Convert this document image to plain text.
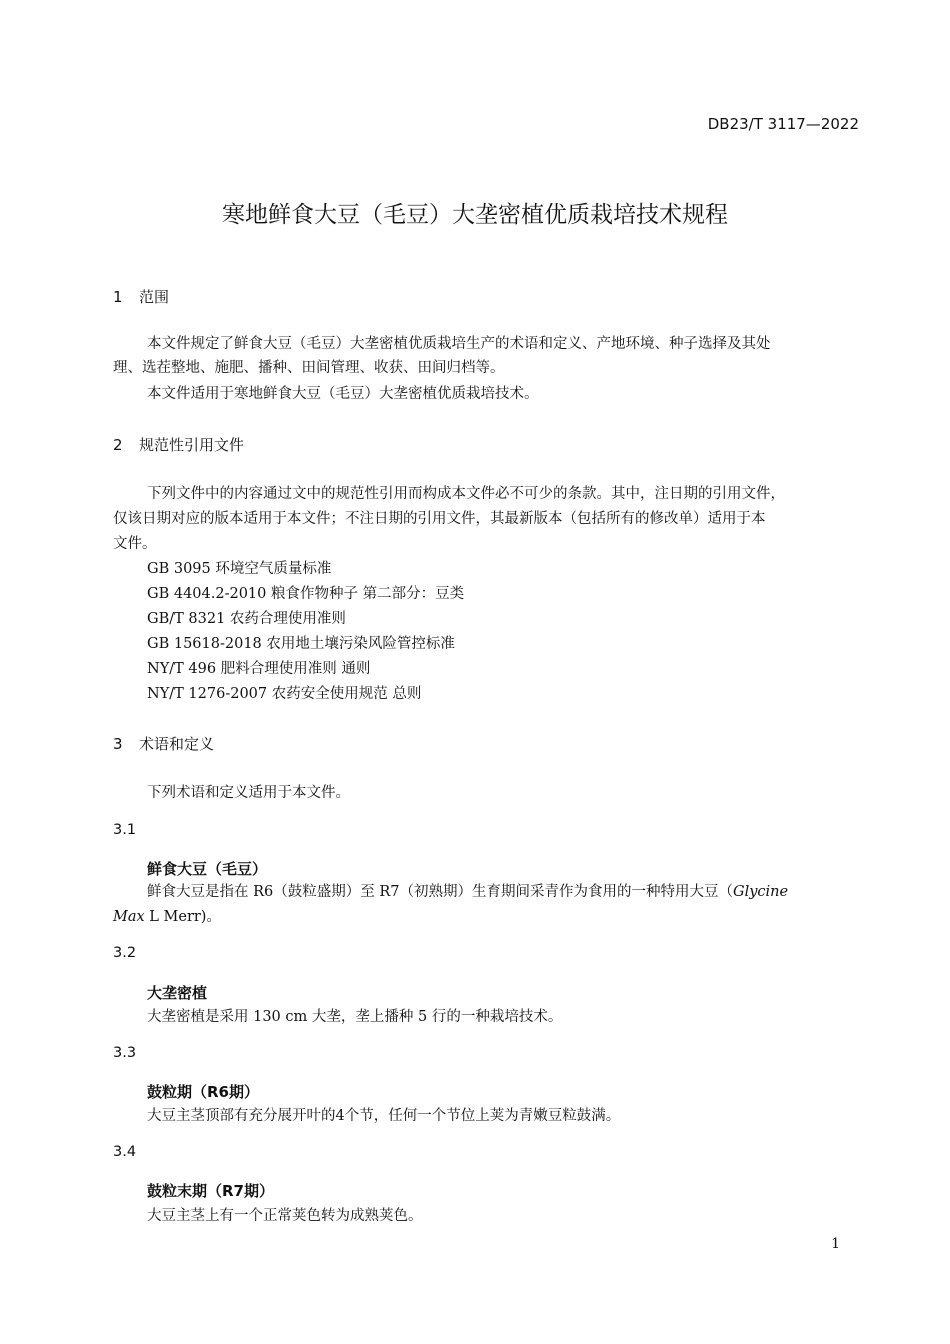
DB23/T 3117—2022
寒地鲜食大豆（毛豆）大垄密植优质栽培技术规程
1 范围
本文件规定了鲜食大豆（毛豆）大垄密植优质栽培生产的术语和定义、产地环境、种子选择及其处
理、选茬整地、施肥、播种、田间管理、收获、田间归档等。
本文件适用于寒地鲜食大豆（毛豆）大垄密植优质栽培技术。
2 规范性引用文件
下列文件中的内容通过文中的规范性引用而构成本文件必不可少的条款。其中，注日期的引用文件，
仅该日期对应的版本适用于本文件；不注日期的引用文件，其最新版本（包括所有的修改单）适用于本
文件。
GB 3095 环境空气质量标准
GB 4404.2-2010 粮食作物种子 第二部分：豆类
GB/T 8321 农药合理使用准则
GB 15618-2018 农用地土壤污染风险管控标准
NY/T 496 肥料合理使用准则 通则
NY/T 1276-2007 农药安全使用规范 总则
3 术语和定义
下列术语和定义适用于本文件。
3.1
鲜食大豆（毛豆）
鲜食大豆是指在 R6（鼓粒盛期）至 R7（初熟期）生育期间采青作为食用的一种特用大豆（Glycine
Max L Merr)。
3.2
大垄密植
大垄密植是采用 130 cm 大垄，垄上播种 5 行的一种栽培技术。
3.3
鼓粒期（R6期）
大豆主茎顶部有充分展开叶的4个节，任何一个节位上荚为青嫩豆粒鼓满。
3.4
鼓粒末期（R7期）
大豆主茎上有一个正常荚色转为成熟荚色。
1
